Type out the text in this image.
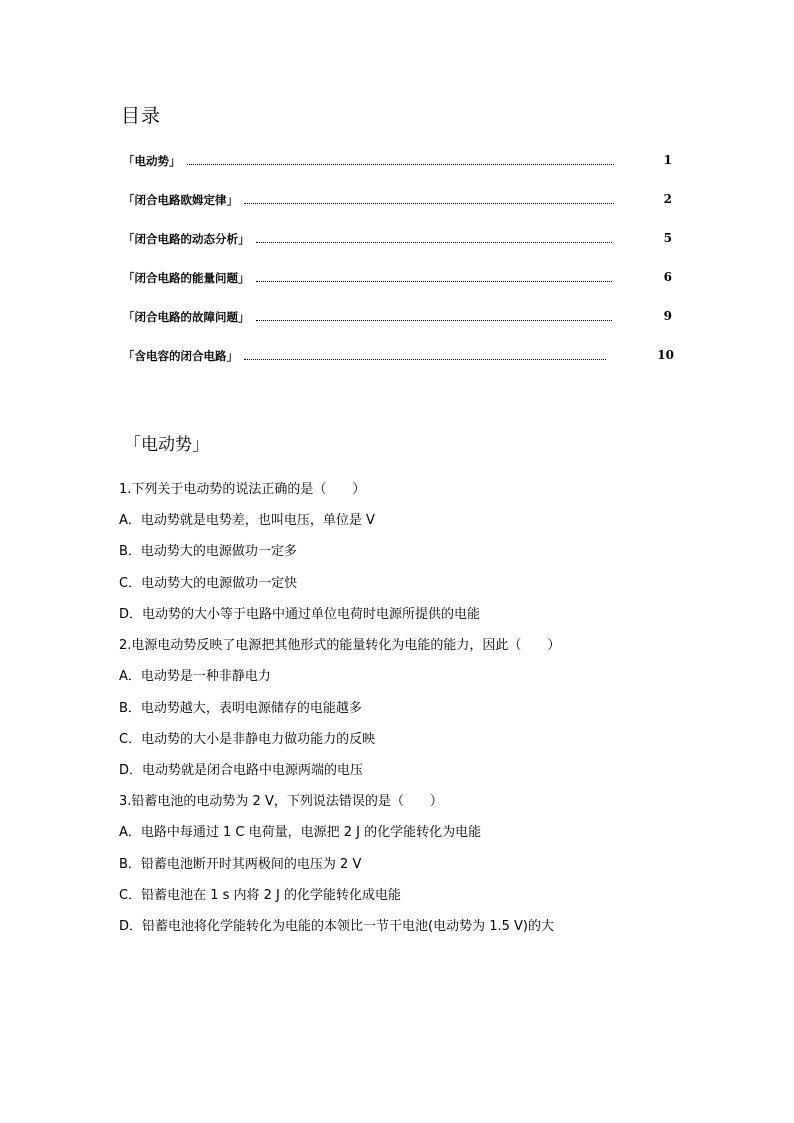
目录
「电动势」	1
「闭合电路欧姆定律」	2
「闭合电路的动态分析」	5
「闭合电路的能量问题」	6
「闭合电路的故障问题」	9
「含电容的闭合电路」	10
「电动势」
1.下列关于电动势的说法正确的是（　　）
A．电动势就是电势差，也叫电压，单位是 V
B．电动势大的电源做功一定多
C．电动势大的电源做功一定快
D．电动势的大小等于电路中通过单位电荷时电源所提供的电能
2.电源电动势反映了电源把其他形式的能量转化为电能的能力，因此（　　）
A．电动势是一种非静电力
B．电动势越大，表明电源储存的电能越多
C．电动势的大小是非静电力做功能力的反映
D．电动势就是闭合电路中电源两端的电压
3.铅蓄电池的电动势为 2 V，下列说法错误的是（　　）
A．电路中每通过 1 C 电荷量，电源把 2 J 的化学能转化为电能
B．铅蓄电池断开时其两极间的电压为 2 V
C．铅蓄电池在 1 s 内将 2 J 的化学能转化成电能
D．铅蓄电池将化学能转化为电能的本领比一节干电池(电动势为 1.5 V)的大
